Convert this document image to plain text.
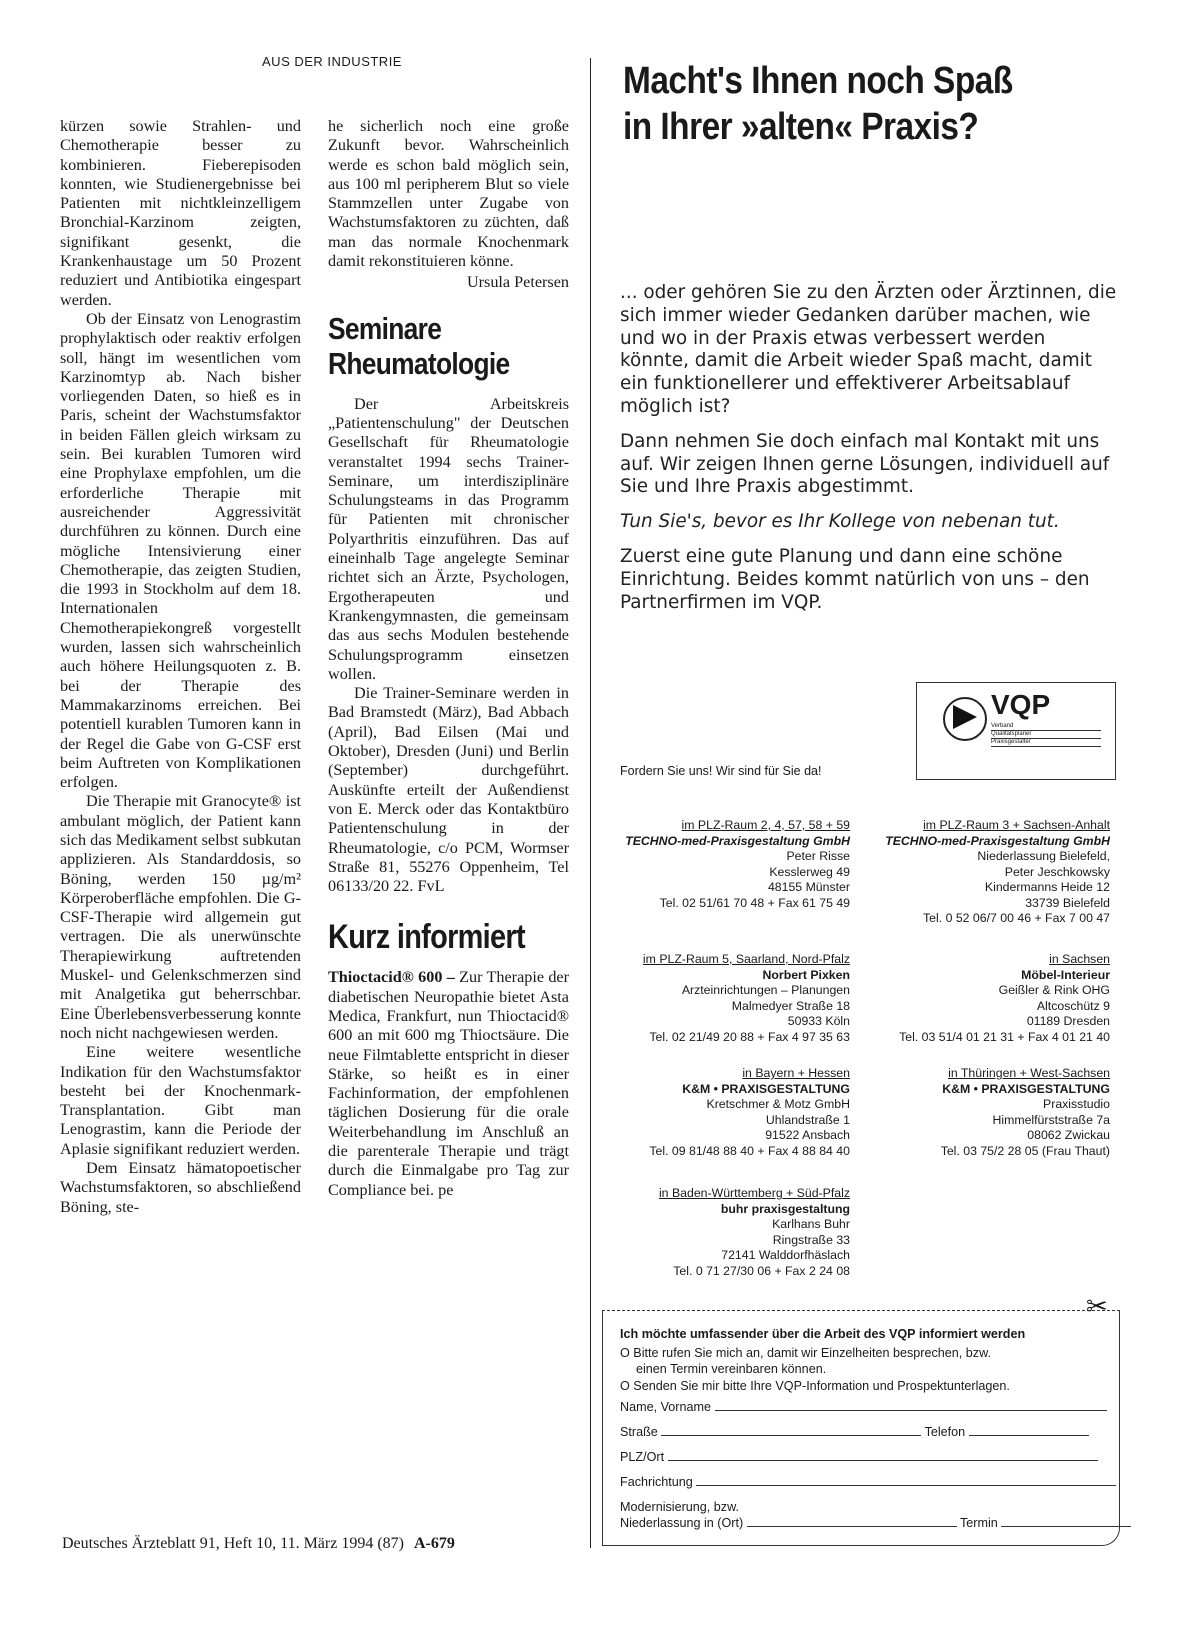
AUS DER INDUSTRIE

kürzen sowie Strahlen- und Chemotherapie besser zu kombinieren. Fieberepisoden konnten, wie Studienergebnisse bei Patienten mit nichtkleinzelligem Bronchial-Karzinom zeigten, signifikant gesenkt, die Krankenhaustage um 50 Prozent reduziert und Antibiotika eingespart werden.

Ob der Einsatz von Lenograstim prophylaktisch oder reaktiv erfolgen soll, hängt im wesentlichen vom Karzinomtyp ab. Nach bisher vorliegenden Daten, so hieß es in Paris, scheint der Wachstumsfaktor in beiden Fällen gleich wirksam zu sein. Bei kurablen Tumoren wird eine Prophylaxe empfohlen, um die erforderliche Therapie mit ausreichender Aggressivität durchführen zu können. Durch eine mögliche Intensivierung einer Chemotherapie, das zeigten Studien, die 1993 in Stockholm auf dem 18. Internationalen Chemotherapiekongreß vorgestellt wurden, lassen sich wahrscheinlich auch höhere Heilungsquoten z. B. bei der Therapie des Mammakarzinoms erreichen. Bei potentiell kurablen Tumoren kann in der Regel die Gabe von G-CSF erst beim Auftreten von Komplikationen erfolgen.

Die Therapie mit Granocyte® ist ambulant möglich, der Patient kann sich das Medikament selbst subkutan applizieren. Als Standarddosis, so Böning, werden 150 µg/m² Körperoberfläche empfohlen. Die G-CSF-Therapie wird allgemein gut vertragen. Die als unerwünschte Therapiewirkung auftretenden Muskel- und Gelenkschmerzen sind mit Analgetika gut beherrschbar. Eine Überlebensverbesserung konnte noch nicht nachgewiesen werden.

Eine weitere wesentliche Indikation für den Wachstumsfaktor besteht bei der Knochenmark-Transplantation. Gibt man Lenograstim, kann die Periode der Aplasie signifikant reduziert werden.

Dem Einsatz hämatopoetischer Wachstumsfaktoren, so abschließend Böning, ste-

he sicherlich noch eine große Zukunft bevor. Wahrscheinlich werde es schon bald möglich sein, aus 100 ml peripherem Blut so viele Stammzellen unter Zugabe von Wachstumsfaktoren zu züchten, daß man das normale Knochenmark damit rekonstituieren könne.

Ursula Petersen

Seminare
Rheumatologie

Der Arbeitskreis „Patientenschulung" der Deutschen Gesellschaft für Rheumatologie veranstaltet 1994 sechs Trainer-Seminare, um interdisziplinäre Schulungsteams in das Programm für Patienten mit chronischer Polyarthritis einzuführen. Das auf eineinhalb Tage angelegte Seminar richtet sich an Ärzte, Psychologen, Ergotherapeuten und Krankengymnasten, die gemeinsam das aus sechs Modulen bestehende Schulungsprogramm einsetzen wollen.

Die Trainer-Seminare werden in Bad Bramstedt (März), Bad Abbach (April), Bad Eilsen (Mai und Oktober), Dresden (Juni) und Berlin (September) durchgeführt. Auskünfte erteilt der Außendienst von E. Merck oder das Kontaktbüro Patientenschulung in der Rheumatologie, c/o PCM, Wormser Straße 81, 55276 Oppenheim, Tel 06133/20 22. FvL

Kurz informiert

Thioctacid® 600 – Zur Therapie der diabetischen Neuropathie bietet Asta Medica, Frankfurt, nun Thioctacid® 600 an mit 600 mg Thioctsäure. Die neue Filmtablette entspricht in dieser Stärke, so heißt es in einer Fachinformation, der empfohlenen täglichen Dosierung für die orale Weiterbehandlung im Anschluß an die parenterale Therapie und trägt durch die Einmalgabe pro Tag zur Compliance bei. pe

Deutsches Ärzteblatt 91, Heft 10, 11. März 1994 (87) A-679
Macht's Ihnen noch Spaß
in Ihrer »alten« Praxis?

... oder gehören Sie zu den Ärzten oder Ärztinnen, die sich immer wieder Gedanken darüber machen, wie und wo in der Praxis etwas verbessert werden könnte, damit die Arbeit wieder Spaß macht, damit ein funktionellerer und effektiverer Arbeitsablauf möglich ist?

Dann nehmen Sie doch einfach mal Kontakt mit uns auf. Wir zeigen Ihnen gerne Lösungen, individuell auf Sie und Ihre Praxis abgestimmt.

Tun Sie's, bevor es Ihr Kollege von nebenan tut.

Zuerst eine gute Planung und dann eine schöne Einrichtung. Beides kommt natürlich von uns – den Partnerfirmen im VQP.

VQP
Verband
Qualitätsplaner
Praxisgestalter
Fordern Sie uns! Wir sind für Sie da!
im PLZ-Raum 2, 4, 57, 58 + 59
TECHNO-med-Praxisgestaltung GmbH
Peter Risse
Kesslerweg 49
48155 Münster
Tel. 02 51/61 70 48 + Fax 61 75 49
im PLZ-Raum 3 + Sachsen-Anhalt
TECHNO-med-Praxisgestaltung GmbH
Niederlassung Bielefeld,
Peter Jeschkowsky
Kindermanns Heide 12
33739 Bielefeld
Tel. 0 52 06/7 00 46 + Fax 7 00 47
im PLZ-Raum 5, Saarland, Nord-Pfalz
Norbert Pixken
Arzteinrichtungen – Planungen
Malmedyer Straße 18
50933 Köln
Tel. 02 21/49 20 88 + Fax 4 97 35 63
in Sachsen
Möbel-Interieur
Geißler & Rink OHG
Altcoschütz 9
01189 Dresden
Tel. 03 51/4 01 21 31 + Fax 4 01 21 40
in Bayern + Hessen
K&M • PRAXISGESTALTUNG
Kretschmer & Motz GmbH
Uhlandstraße 1
91522 Ansbach
Tel. 09 81/48 88 40 + Fax 4 88 84 40
in Thüringen + West-Sachsen
K&M • PRAXISGESTALTUNG
Praxisstudio
Himmelfürststraße 7a
08062 Zwickau
Tel. 03 75/2 28 05 (Frau Thaut)
in Baden-Württemberg + Süd-Pfalz
buhr praxisgestaltung
Karlhans Buhr
Ringstraße 33
72141 Walddorfhäslach
Tel. 0 71 27/30 06 + Fax 2 24 08
✂
Ich möchte umfassender über die Arbeit des VQP informiert werden
O Bitte rufen Sie mich an, damit wir Einzelheiten besprechen, bzw.
einen Termin vereinbaren können.
O Senden Sie mir bitte Ihre VQP-Information und Prospektunterlagen.
Name, Vorname
Straße	Telefon
PLZ/Ort
Fachrichtung
Modernisierung, bzw.
Niederlassung in (Ort)	Termin
